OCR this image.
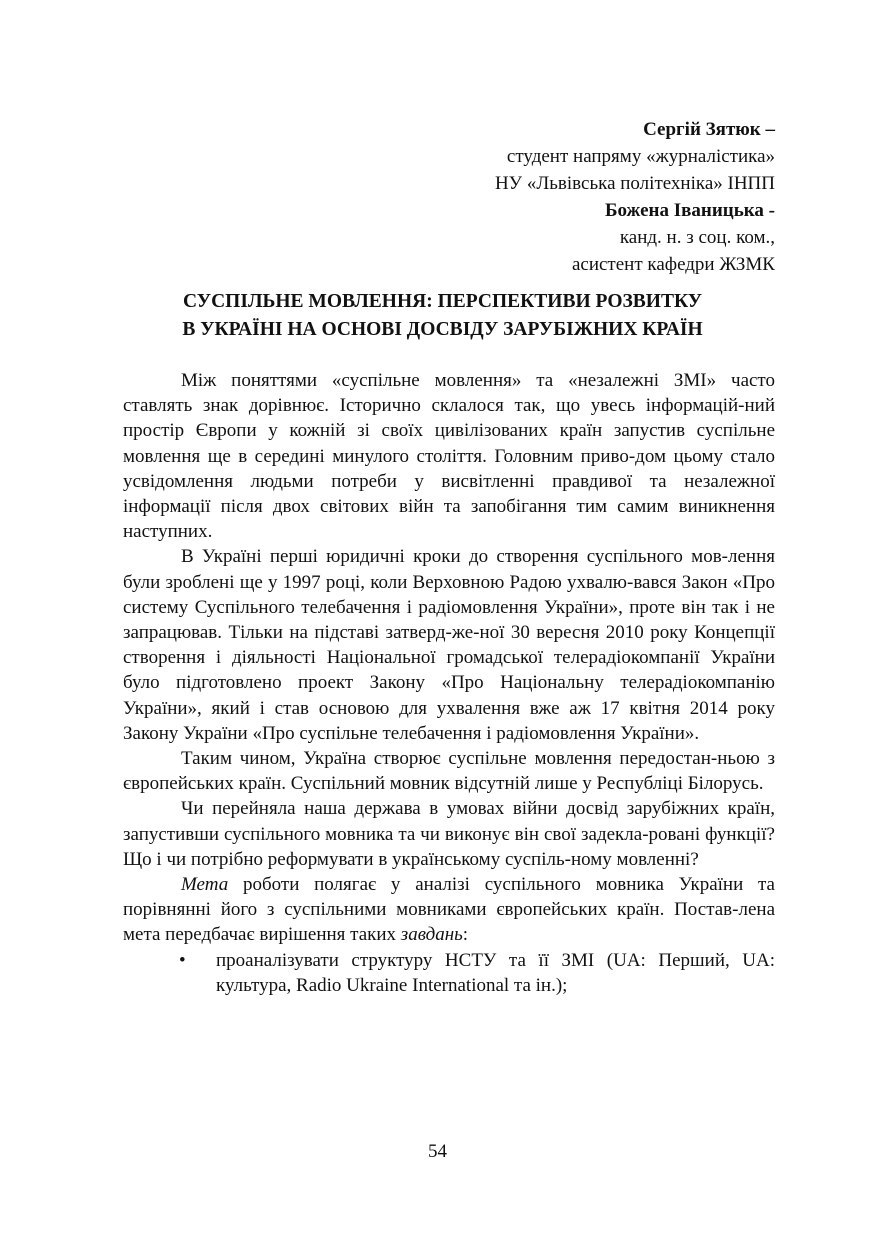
Сергій Зятюк –
студент напряму «журналістика»
НУ «Львівська політехніка» ІНПП
Божена Іваницька -
канд. н. з соц. ком.,
асистент кафедри ЖЗМК
СУСПІЛЬНЕ МОВЛЕННЯ: ПЕРСПЕКТИВИ РОЗВИТКУ
В УКРАЇНІ НА ОСНОВІ ДОСВІДУ ЗАРУБІЖНИХ КРАЇН

Між поняттями «суспільне мовлення» та «незалежні ЗМІ» часто ставлять знак дорівнює. Історично склалося так, що увесь інформацій-ний простір Європи у кожній зі своїх цивілізованих країн запустив суспільне мовлення ще в середині минулого століття. Головним приво-дом цьому стало усвідомлення людьми потреби у висвітленні правдивої та незалежної інформації після двох світових війн та запобігання тим самим виникнення наступних.

В Україні перші юридичні кроки до створення суспільного мов-лення були зроблені ще у 1997 році, коли Верховною Радою ухвалю-вався Закон «Про систему Суспільного телебачення і радіомовлення України», проте він так і не запрацював. Тільки на підставі затверд-же-ної 30 вересня 2010 року Концепції створення і діяльності Національної громадської телерадіокомпанії України було підготовлено проект Закону «Про Національну телерадіокомпанію України», який і став основою для ухвалення вже аж 17 квітня 2014 року Закону України «Про суспільне телебачення і радіомовлення України».

Таким чином, Україна створює суспільне мовлення передостан-ньою з європейських країн. Суспільний мовник відсутній лише у Республіці Білорусь.

Чи перейняла наша держава в умовах війни досвід зарубіжних країн, запустивши суспільного мовника та чи виконує він свої задекла-ровані функції? Що і чи потрібно реформувати в українському суспіль-ному мовленні?

Мета роботи полягає у аналізі суспільного мовника України та порівнянні його з суспільними мовниками європейських країн. Постав-лена мета передбачає вирішення таких завдань:

• проаналізувати структуру НСТУ та її ЗМІ (UA: Перший, UA: культура, Radio Ukraine International та ін.);
54
